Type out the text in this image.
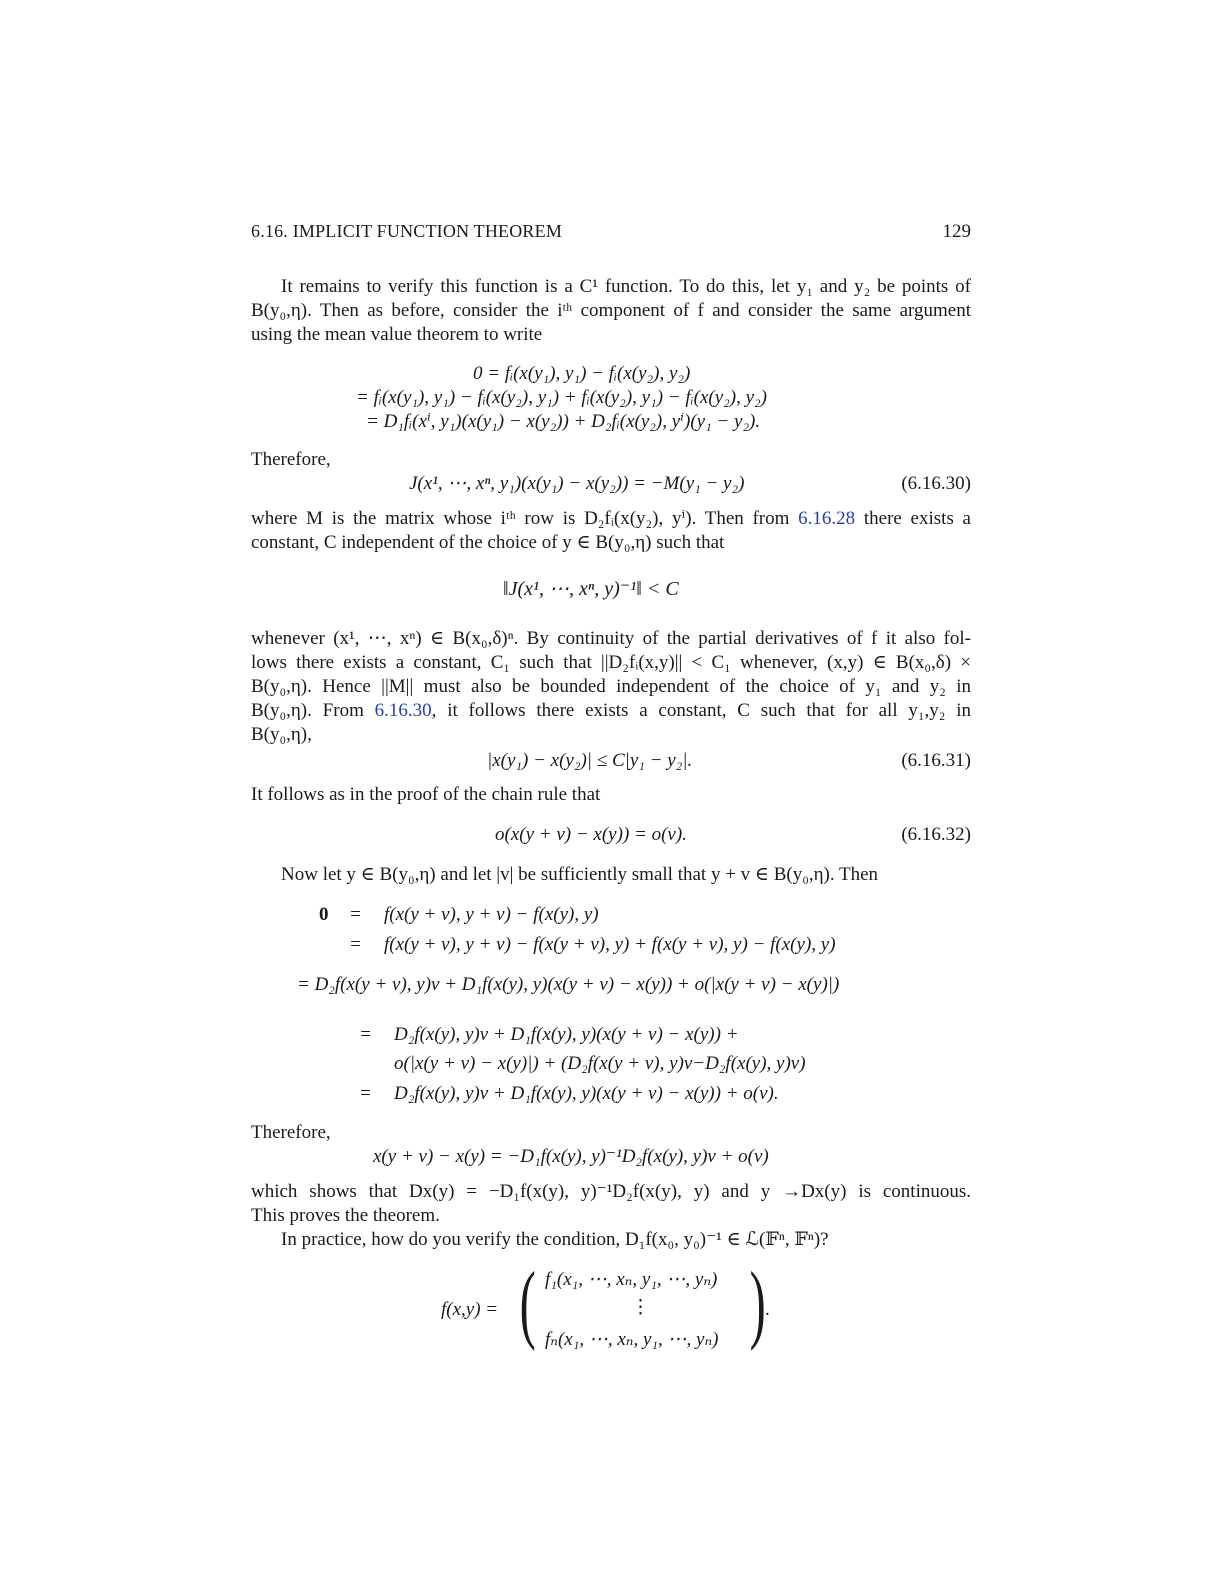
6.16. IMPLICIT FUNCTION THEOREM	129
It remains to verify this function is a C¹ function. To do this, let y₁ and y₂ be points of
B(y₀,η). Then as before, consider the iᵗʰ component of f and consider the same argument
using the mean value theorem to write
0 = fᵢ(x(y₁), y₁) − fᵢ(x(y₂), y₂)
= fᵢ(x(y₁), y₁) − fᵢ(x(y₂), y₁) + fᵢ(x(y₂), y₁) − fᵢ(x(y₂), y₂)
= D₁fᵢ(xⁱ, y₁)(x(y₁) − x(y₂)) + D₂fᵢ(x(y₂), yⁱ)(y₁ − y₂).
Therefore,
J(x¹, ⋯, xⁿ, y₁)(x(y₁) − x(y₂)) = −M(y₁ − y₂)	(6.16.30)
where M is the matrix whose iᵗʰ row is D₂fᵢ(x(y₂), yⁱ). Then from 6.16.28 there exists a
constant, C independent of the choice of y ∈ B(y₀,η) such that
‖J(x¹, ⋯, xⁿ, y)⁻¹‖ < C
whenever (x¹, ⋯, xⁿ) ∈ B(x₀,δ)ⁿ. By continuity of the partial derivatives of f it also fol-
lows there exists a constant, C₁ such that ||D₂fᵢ(x,y)|| < C₁ whenever, (x,y) ∈ B(x₀,δ) ×
B(y₀,η). Hence ||M|| must also be bounded independent of the choice of y₁ and y₂ in
B(y₀,η). From 6.16.30, it follows there exists a constant, C such that for all y₁,y₂ in
B(y₀,η),
|x(y₁) − x(y₂)| ≤ C|y₁ − y₂|.	(6.16.31)
It follows as in the proof of the chain rule that
o(x(y + v) − x(y)) = o(v).	(6.16.32)
Now let y ∈ B(y₀,η) and let |v| be sufficiently small that y + v ∈ B(y₀,η). Then
0 = f(x(y + v), y + v) − f(x(y), y)
= f(x(y + v), y + v) − f(x(y + v), y) + f(x(y + v), y) − f(x(y), y)
= D₂f(x(y + v), y)v + D₁f(x(y), y)(x(y + v) − x(y)) + o(|x(y + v) − x(y)|)
= D₂f(x(y), y)v + D₁f(x(y), y)(x(y + v) − x(y)) +
o(|x(y + v) − x(y)|) + (D₂f(x(y + v), y)v−D₂f(x(y), y)v)
= D₂f(x(y), y)v + D₁f(x(y), y)(x(y + v) − x(y)) + o(v).
Therefore,
x(y + v) − x(y) = −D₁f(x(y), y)⁻¹D₂f(x(y), y)v + o(v)
which shows that Dx(y) = −D₁f(x(y), y)⁻¹D₂f(x(y), y) and y →Dx(y) is continuous.
This proves the theorem.
In practice, how do you verify the condition, D₁f(x₀, y₀)⁻¹ ∈ ℒ(𝔽ⁿ, 𝔽ⁿ)?
f(x,y) = ( f₁(x₁, ⋯, xₙ, y₁, ⋯, yₙ)
⋮
fₙ(x₁, ⋯, xₙ, y₁, ⋯, yₙ) ) .
